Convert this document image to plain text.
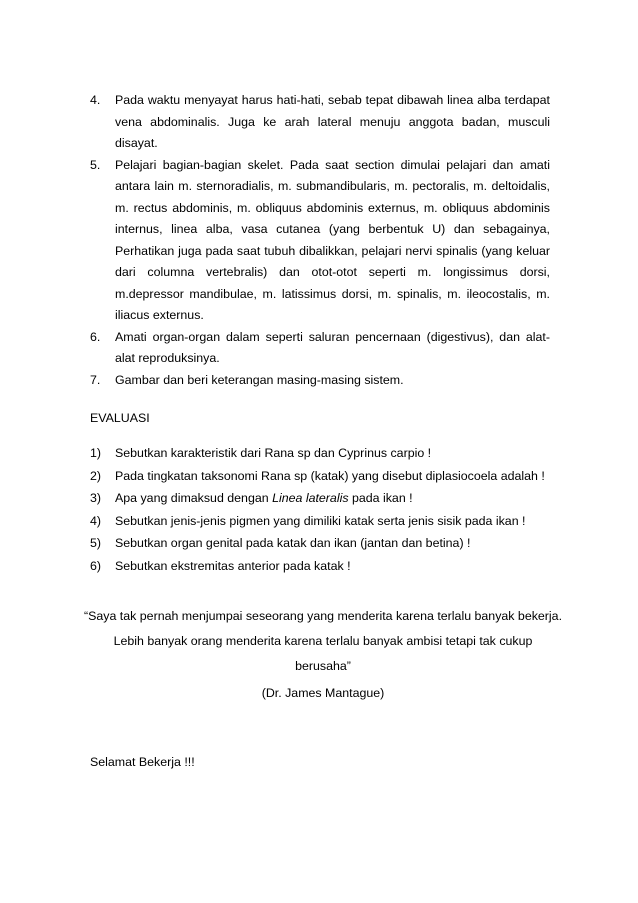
4.	Pada waktu menyayat harus hati-hati, sebab tepat dibawah linea alba terdapat vena abdominalis. Juga ke arah lateral menuju anggota badan, musculi disayat.
5.	Pelajari bagian-bagian skelet. Pada saat section dimulai pelajari dan amati antara lain m. sternoradialis, m. submandibularis, m. pectoralis, m. deltoidalis, m. rectus abdominis, m. obliquus abdominis externus, m. obliquus abdominis internus, linea alba, vasa cutanea (yang berbentuk U) dan sebagainya, Perhatikan juga pada saat tubuh dibalikkan, pelajari nervi spinalis (yang keluar dari columna vertebralis) dan otot-otot seperti m. longissimus dorsi, m.depressor mandibulae, m. latissimus dorsi, m. spinalis, m. ileocostalis, m. iliacus externus.
6.	Amati organ-organ dalam seperti saluran pencernaan (digestivus), dan alat-alat reproduksinya.
7.	Gambar dan beri keterangan masing-masing sistem.
EVALUASI
1)	Sebutkan karakteristik dari Rana sp dan Cyprinus carpio !
2)	Pada tingkatan taksonomi Rana sp (katak) yang disebut diplasiocoela adalah !
3)	Apa yang dimaksud dengan Linea lateralis pada ikan !
4)	Sebutkan jenis-jenis pigmen yang dimiliki katak serta jenis sisik pada ikan !
5)	Sebutkan organ genital pada katak dan ikan (jantan dan betina) !
6)	Sebutkan ekstremitas anterior pada katak !
“Saya tak pernah menjumpai seseorang yang menderita karena terlalu banyak bekerja. Lebih banyak orang menderita karena terlalu banyak ambisi tetapi tak cukup berusaha”
(Dr. James Mantague)
Selamat Bekerja !!!
